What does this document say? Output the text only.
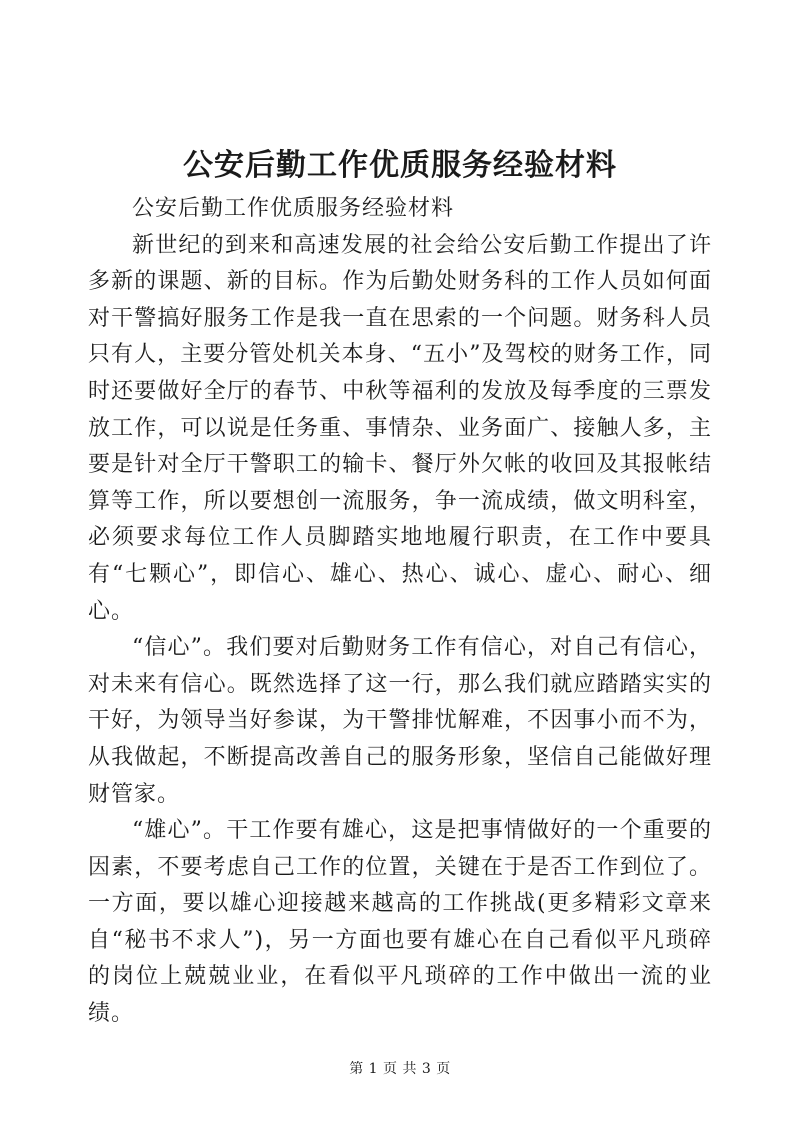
公安后勤工作优质服务经验材料

公安后勤工作优质服务经验材料

新世纪的到来和高速发展的社会给公安后勤工作提出了许多新的课题、新的目标。作为后勤处财务科的工作人员如何面对干警搞好服务工作是我一直在思索的一个问题。财务科人员只有人，主要分管处机关本身、“五小”及驾校的财务工作，同时还要做好全厅的春节、中秋等福利的发放及每季度的三票发放工作，可以说是任务重、事情杂、业务面广、接触人多，主要是针对全厅干警职工的输卡、餐厅外欠帐的收回及其报帐结算等工作，所以要想创一流服务，争一流成绩，做文明科室，必须要求每位工作人员脚踏实地地履行职责，在工作中要具有“七颗心”，即信心、雄心、热心、诚心、虚心、耐心、细心。

“信心”。我们要对后勤财务工作有信心，对自己有信心，对未来有信心。既然选择了这一行，那么我们就应踏踏实实的干好，为领导当好参谋，为干警排忧解难，不因事小而不为，从我做起，不断提高改善自己的服务形象，坚信自己能做好理财管家。

“雄心”。干工作要有雄心，这是把事情做好的一个重要的因素，不要考虑自己工作的位置，关键在于是否工作到位了。一方面，要以雄心迎接越来越高的工作挑战(更多精彩文章来自“秘书不求人”)，另一方面也要有雄心在自己看似平凡琐碎的岗位上兢兢业业，在看似平凡琐碎的工作中做出一流的业绩。

第 1 页 共 3 页
